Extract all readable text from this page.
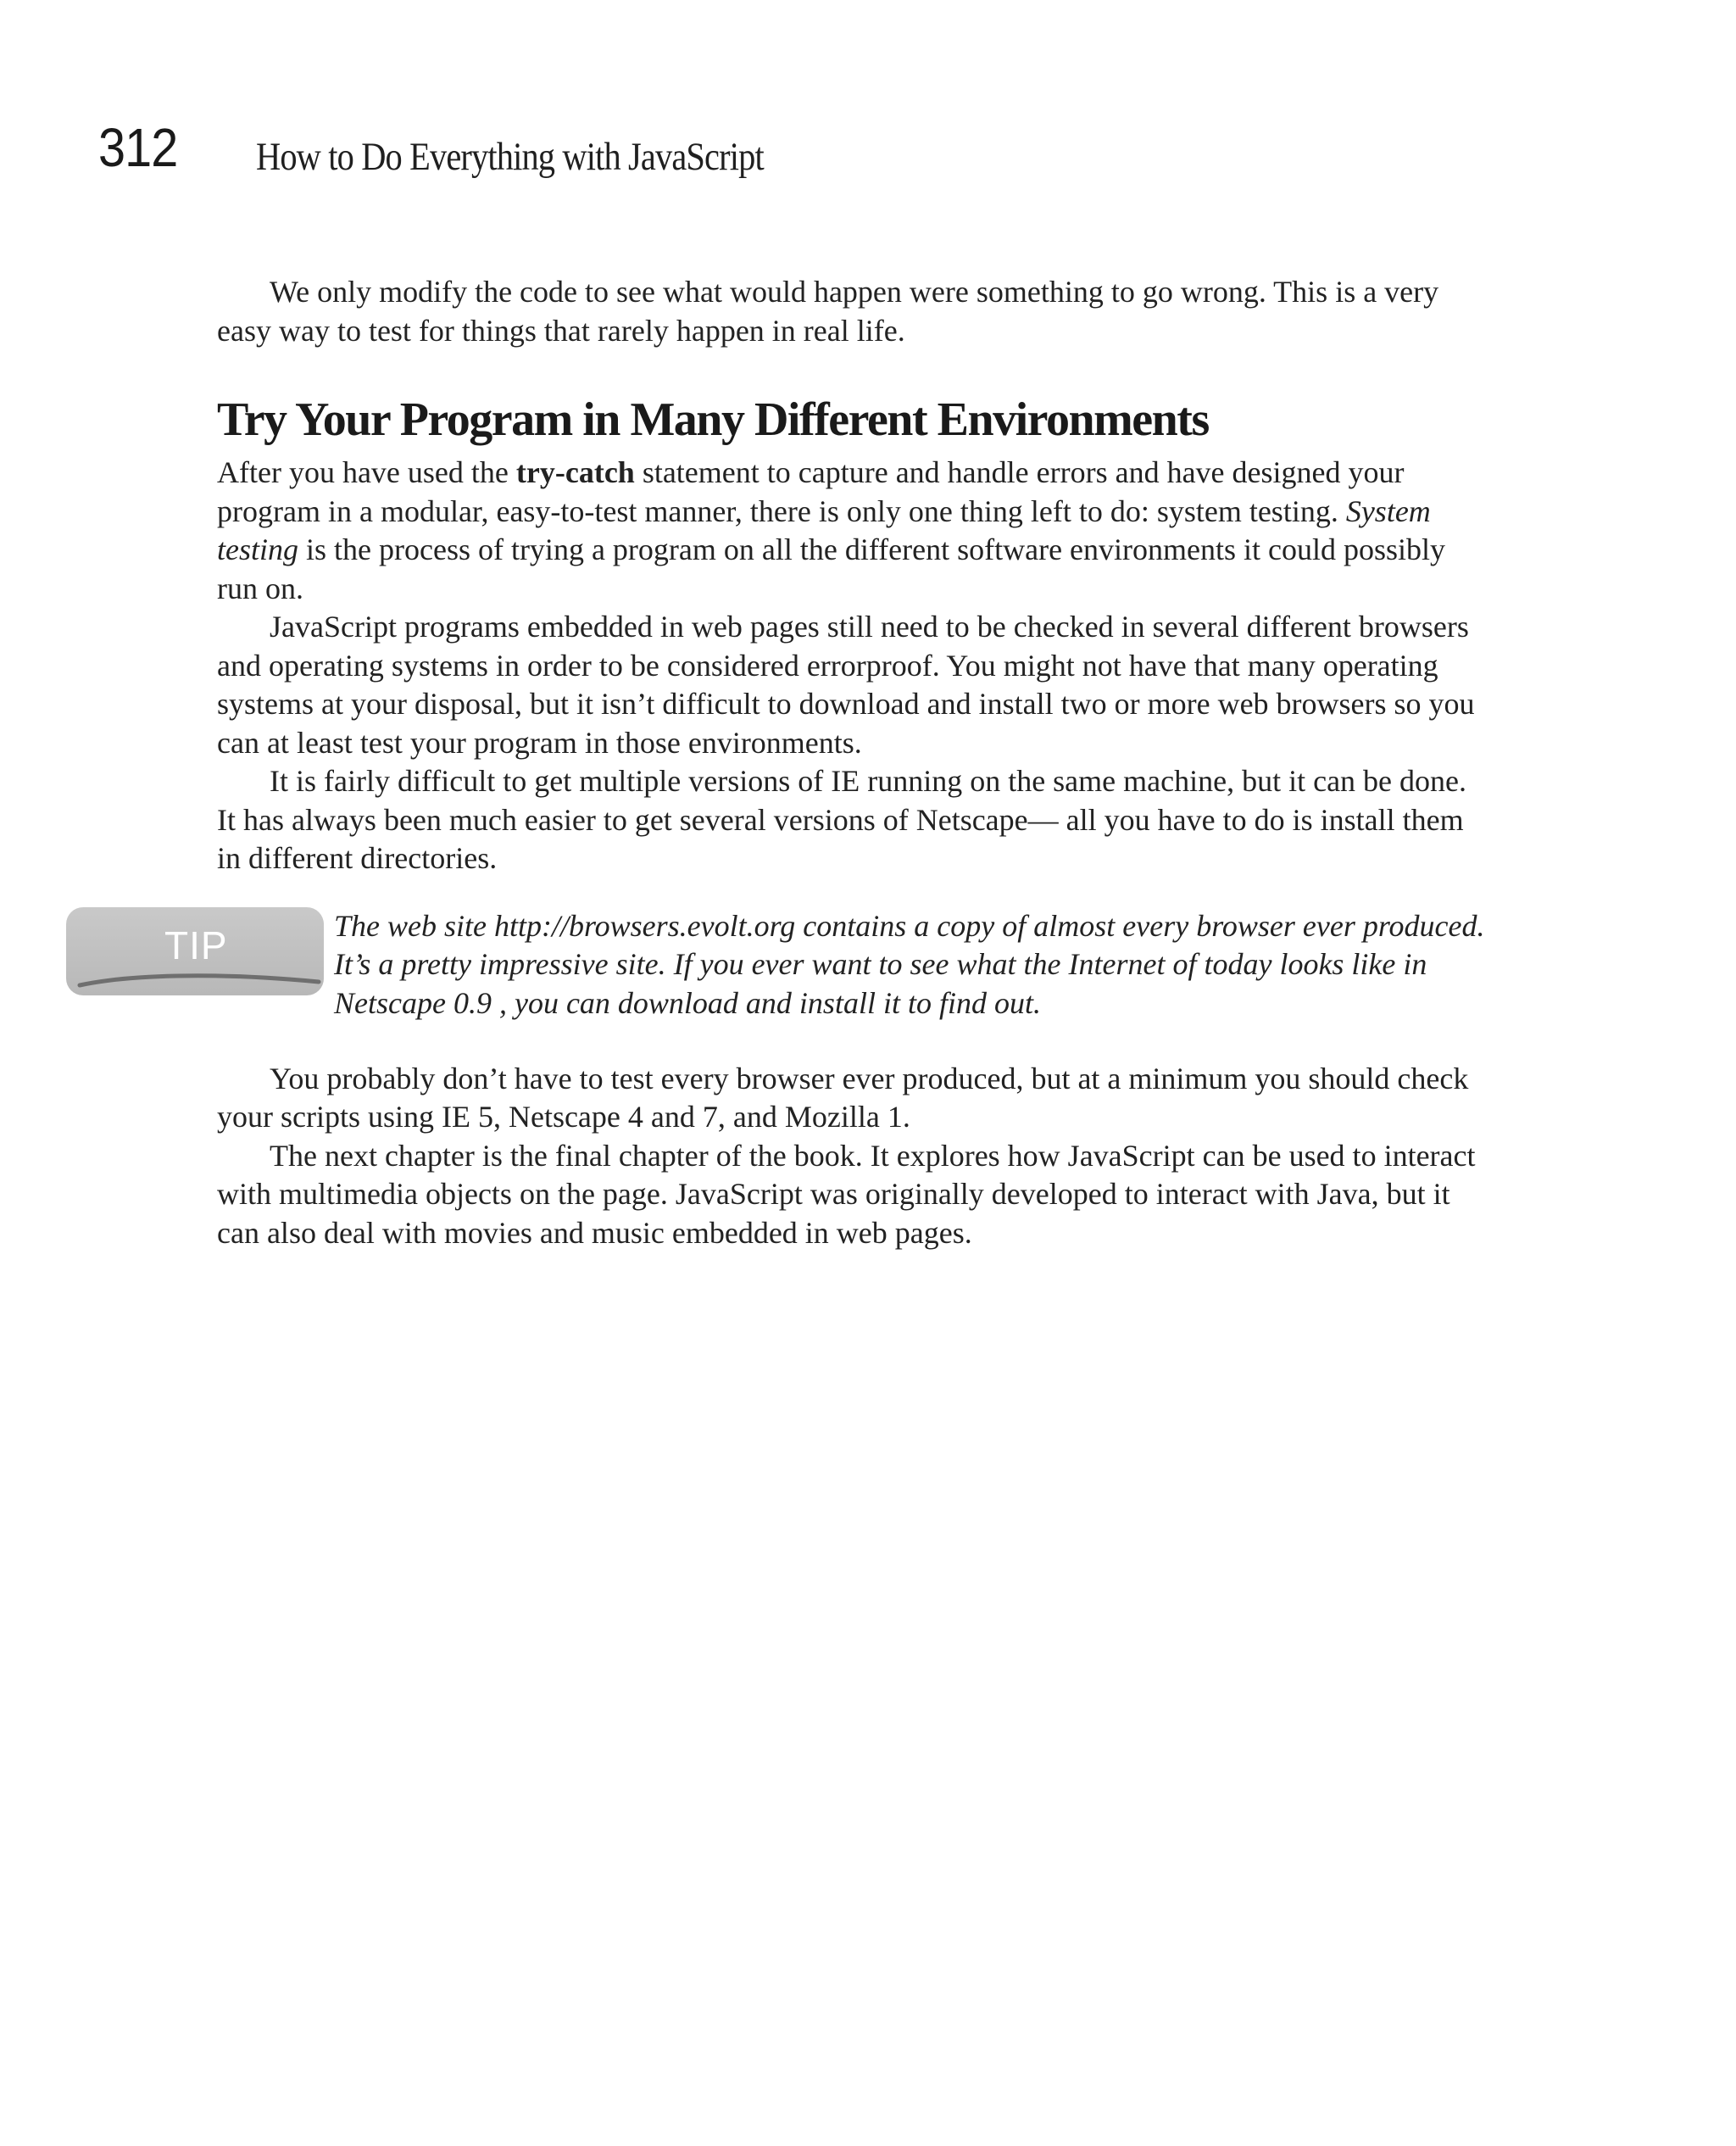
312 How to Do Everything with JavaScript

We only modify the code to see what would happen were something to go wrong. This is a very easy way to test for things that rarely happen in real life.

Try Your Program in Many Different Environments

After you have used the try-catch statement to capture and handle errors and have designed your program in a modular, easy-to-test manner, there is only one thing left to do: system testing. System testing is the process of trying a program on all the different software environments it could possibly run on.

JavaScript programs embedded in web pages still need to be checked in several different browsers and operating systems in order to be considered errorproof. You might not have that many operating systems at your disposal, but it isn’t difficult to download and install two or more web browsers so you can at least test your program in those environments.

It is fairly difficult to get multiple versions of IE running on the same machine, but it can be done. It has always been much easier to get several versions of Netscape— all you have to do is install them in different directories.

TIP	The web site http://browsers.evolt.org contains a copy of almost every browser ever produced. It’s a pretty impressive site. If you ever want to see what the Internet of today looks like in Netscape 0.9 , you can download and install it to find out.

You probably don’t have to test every browser ever produced, but at a minimum you should check your scripts using IE 5, Netscape 4 and 7, and Mozilla 1.

The next chapter is the final chapter of the book. It explores how JavaScript can be used to interact with multimedia objects on the page. JavaScript was originally developed to interact with Java, but it can also deal with movies and music embedded in web pages.
